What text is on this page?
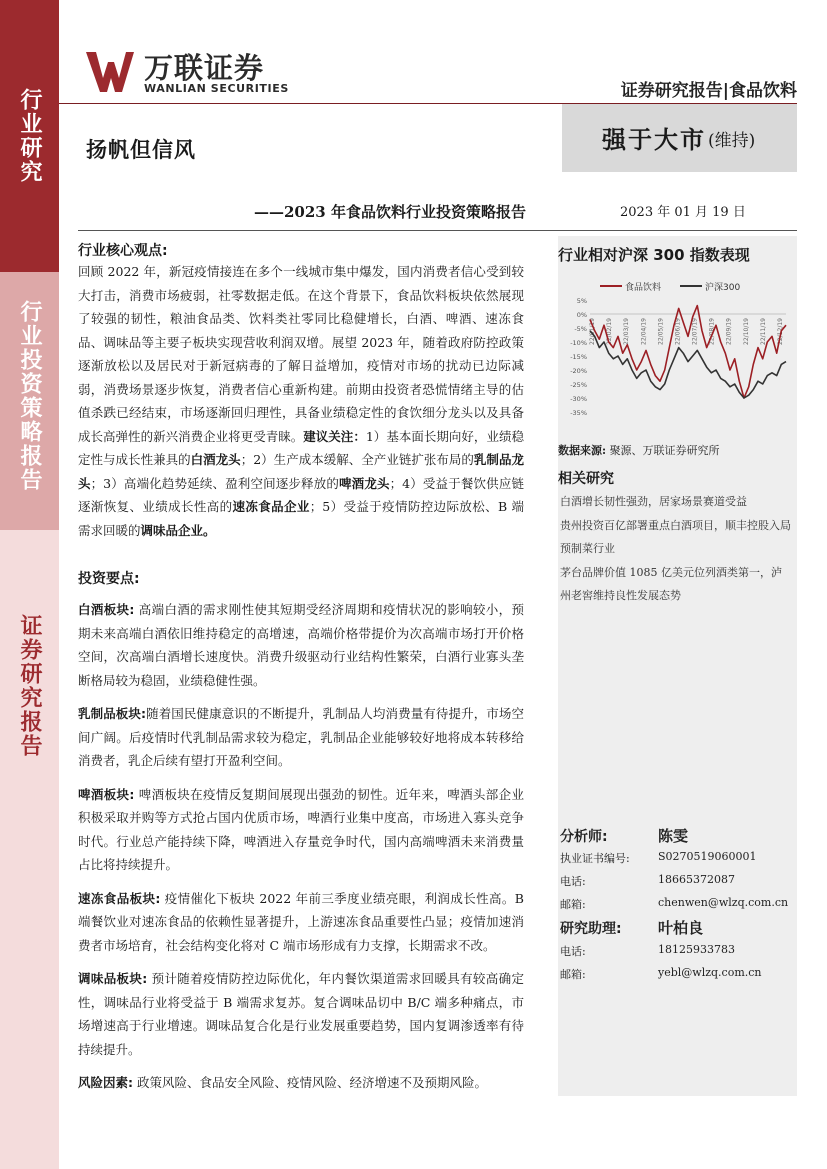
行业研究
行业投资策略报告
证券研究报告
万联证券
WANLIAN SECURITIES	证券研究报告|食品饮料
强于大市 (维持)
扬帆但信风
——2023 年食品饮料行业投资策略报告	2023 年 01 月 19 日
行业核心观点:

回顾 2022 年，新冠疫情接连在多个一线城市集中爆发，国内消费者信心受到较大打击，消费市场疲弱，社零数据走低。在这个背景下，食品饮料板块依然展现了较强的韧性，粮油食品类、饮料类社零同比稳健增长，白酒、啤酒、速冻食品、调味品等主要子板块实现营收利润双增。展望 2023 年，随着政府防控政策逐渐放松以及居民对于新冠病毒的了解日益增加，疫情对市场的扰动已边际减弱，消费场景逐步恢复，消费者信心重新构建。前期由投资者恐慌情绪主导的估值杀跌已经结束，市场逐渐回归理性，具备业绩稳定性的食饮细分龙头以及具备成长高弹性的新兴消费企业将更受青睐。建议关注：1）基本面长期向好，业绩稳定性与成长性兼具的白酒龙头；2）生产成本缓解、全产业链扩张布局的乳制品龙头；3）高端化趋势延续、盈利空间逐步释放的啤酒龙头；4）受益于餐饮供应链逐渐恢复、业绩成长性高的速冻食品企业；5）受益于疫情防控边际放松、B 端需求回暖的调味品企业。

投资要点:

白酒板块: 高端白酒的需求刚性使其短期受经济周期和疫情状况的影响较小，预期未来高端白酒依旧维持稳定的高增速，高端价格带提价为次高端市场打开价格空间，次高端白酒增长速度快。消费升级驱动行业结构性繁荣，白酒行业寡头垄断格局较为稳固，业绩稳健性强。

乳制品板块:随着国民健康意识的不断提升，乳制品人均消费量有待提升，市场空间广阔。后疫情时代乳制品需求较为稳定，乳制品企业能够较好地将成本转移给消费者，乳企后续有望打开盈利空间。

啤酒板块: 啤酒板块在疫情反复期间展现出强劲的韧性。近年来，啤酒头部企业积极采取并购等方式抢占国内优质市场，啤酒行业集中度高，市场进入寡头竞争时代。行业总产能持续下降，啤酒进入存量竞争时代，国内高端啤酒未来消费量占比将持续提升。

速冻食品板块: 疫情催化下板块 2022 年前三季度业绩亮眼，利润成长性高。B 端餐饮业对速冻食品的依赖性显著提升，上游速冻食品重要性凸显；疫情加速消费者市场培育，社会结构变化将对 C 端市场形成有力支撑，长期需求不改。

调味品板块: 预计随着疫情防控边际优化，年内餐饮渠道需求回暖具有较高确定性，调味品行业将受益于 B 端需求复苏。复合调味品切中 B/C 端多种痛点，市场增速高于行业增速。调味品复合化是行业发展重要趋势，国内复调渗透率有待持续提升。

风险因素: 政策风险、食品安全风险、疫情风险、经济增速不及预期风险。

行业相对沪深 300 指数表现
食品饮料	沪深300
5%
0%
-5%
-10%
-15%
-20%
-25%
-30%
-35%
22/01/19 22/02/19 22/03/19 22/04/19 22/05/19 22/06/19 22/07/19 22/08/19 22/09/19 22/10/19 22/11/19 22/12/19
数据来源: 聚源、万联证券研究所
相关研究
白酒增长韧性强劲，居家场景赛道受益
贵州投资百亿部署重点白酒项目，顺丰控股入局预制菜行业
茅台品牌价值 1085 亿美元位列酒类第一，泸州老窖维持良性发展态势
分析师:	陈雯
执业证书编号:	S0270519060001
电话:	18665372087
邮箱:	chenwen@wlzq.com.cn
研究助理: 叶柏良
电话:	18125933783
邮箱:	yebl@wlzq.com.cn
